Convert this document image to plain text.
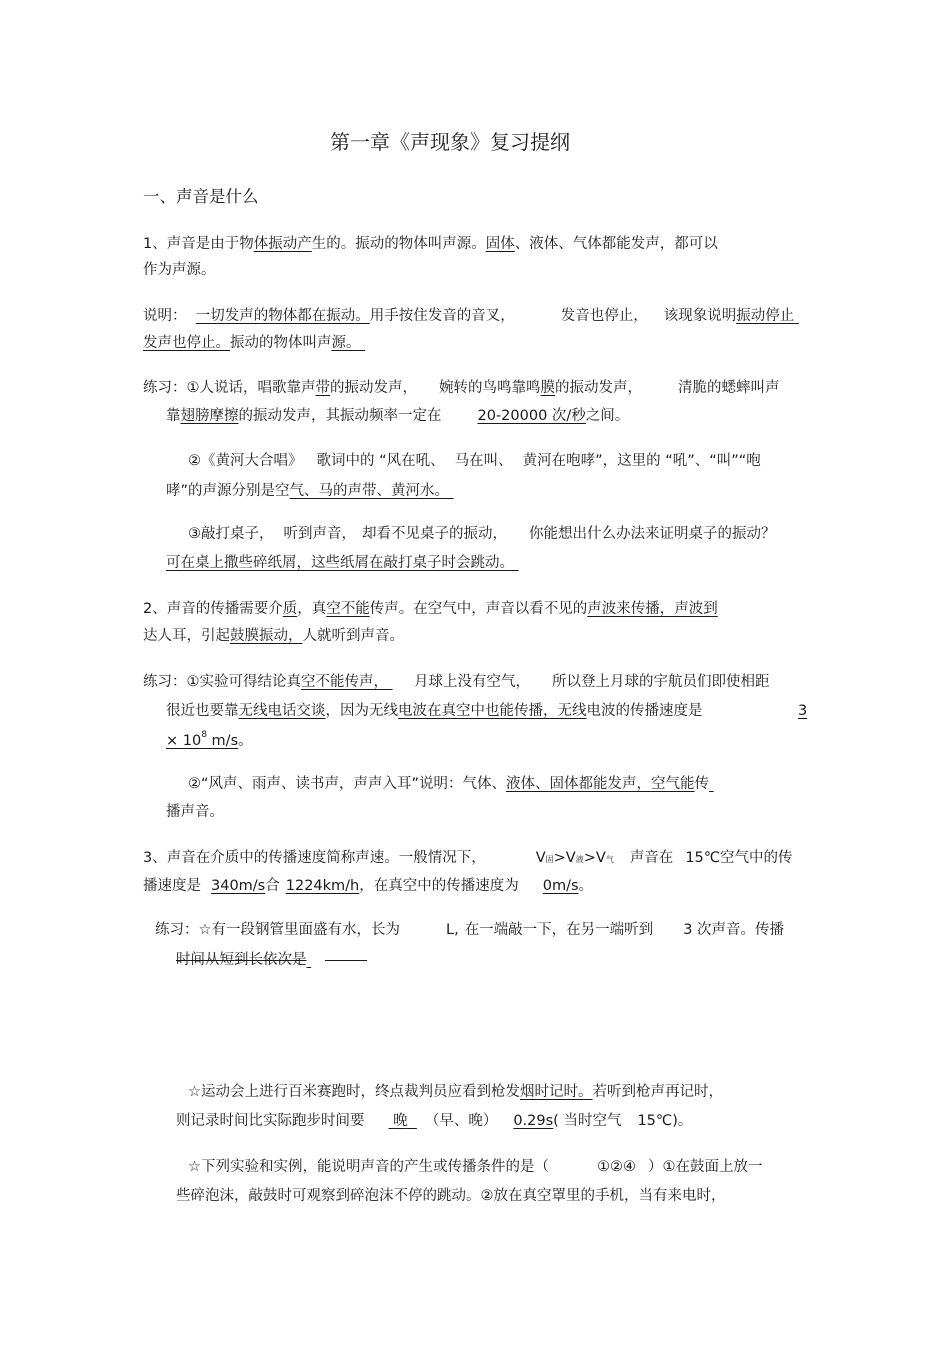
第一章《声现象》复习提纲
一、声音是什么
1、声音是由于物体振动产生的。振动的物体叫声源。固体、液体、气体都能发声，都可以
作为声源。
说明： 一切发声的物体都在振动。用手按住发音的音叉，	发音也停止， 该现象说明振动停止
发声也停止。振动的物体叫声源。
练习：①人说话，唱歌靠声带的振动发声， 婉转的鸟鸣靠鸣膜的振动发声， 清脆的蟋蟀叫声
靠翅膀摩擦的振动发声，其振动频率一定在 20-20000 次/秒之间。
②《黄河大合唱》 歌词中的 “风在吼、 马在叫、 黄河在咆哮”，这里的 “吼”、“叫”“咆
哮”的声源分别是空气、马的声带、黄河水。
③敲打桌子， 听到声音， 却看不见桌子的振动， 你能想出什么办法来证明桌子的振动？
可在桌上撒些碎纸屑，这些纸屑在敲打桌子时会跳动。
2、声音的传播需要介质，真空不能传声。在空气中，声音以看不见的声波来传播，声波到
达人耳，引起鼓膜振动，人就听到声音。
练习：①实验可得结论真空不能传声， 月球上没有空气， 所以登上月球的宇航员们即使相距
很近也要靠无线电话交谈，因为无线电波在真空中也能传播，无线电波的传播速度是	3
× $10^8$ m/s。
②“风声、雨声、读书声，声声入耳”说明：气体、液体、固体都能发声，空气能传
播声音。
3、声音在介质中的传播速度简称声速。一般情况下，	V固>V液>V气 声音在 15℃空气中的传
播速度是 340m/s合 1224km/h，在真空中的传播速度为 0m/s。
练习：☆有一段钢管里面盛有水，长为	L, 在一端敲一下，在另一端听到 3 次声音。传播
时间从短到长依次是
☆运动会上进行百米赛跑时，终点裁判员应看到枪发烟时记时。若听到枪声再记时，
则记录时间比实际跑步时间要 晚 （早、晚） 0.29s( 当时空气 15℃)。
☆下列实验和实例，能说明声音的产生或传播条件的是（	①②④ ）①在鼓面上放一
些碎泡沫，敲鼓时可观察到碎泡沫不停的跳动。②放在真空罩里的手机，当有来电时，
